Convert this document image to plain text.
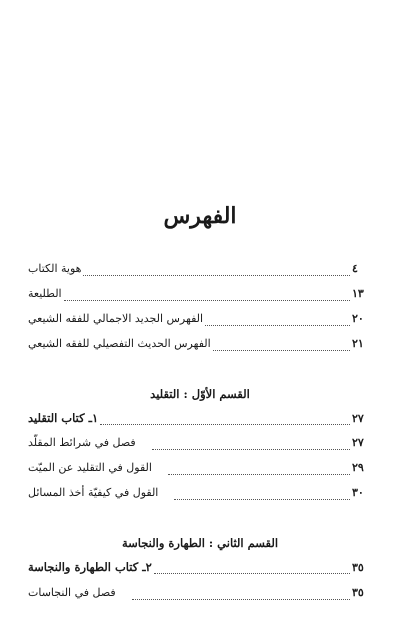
الفهرس
هوية الكتاب	٤
الطليعة	١٣
الفهرس الجديد الاجمالي للفقه الشيعي	٢٠
الفهرس الحديث التفصيلي للفقه الشيعي	٢١
القسم الأوّل : التقليد
١ـ كتاب التقليد	٢٧
فصل في شرائط المقلّد	٢٧
القول في التقليد عن الميّت	٢٩
القول في كيفيّة أخذ المسائل	٣٠
القسم الثاني : الطهارة والنجاسة
٢ـ كتاب الطهارة والنجاسة	٣٥
فصل في النجاسات	٣٥
